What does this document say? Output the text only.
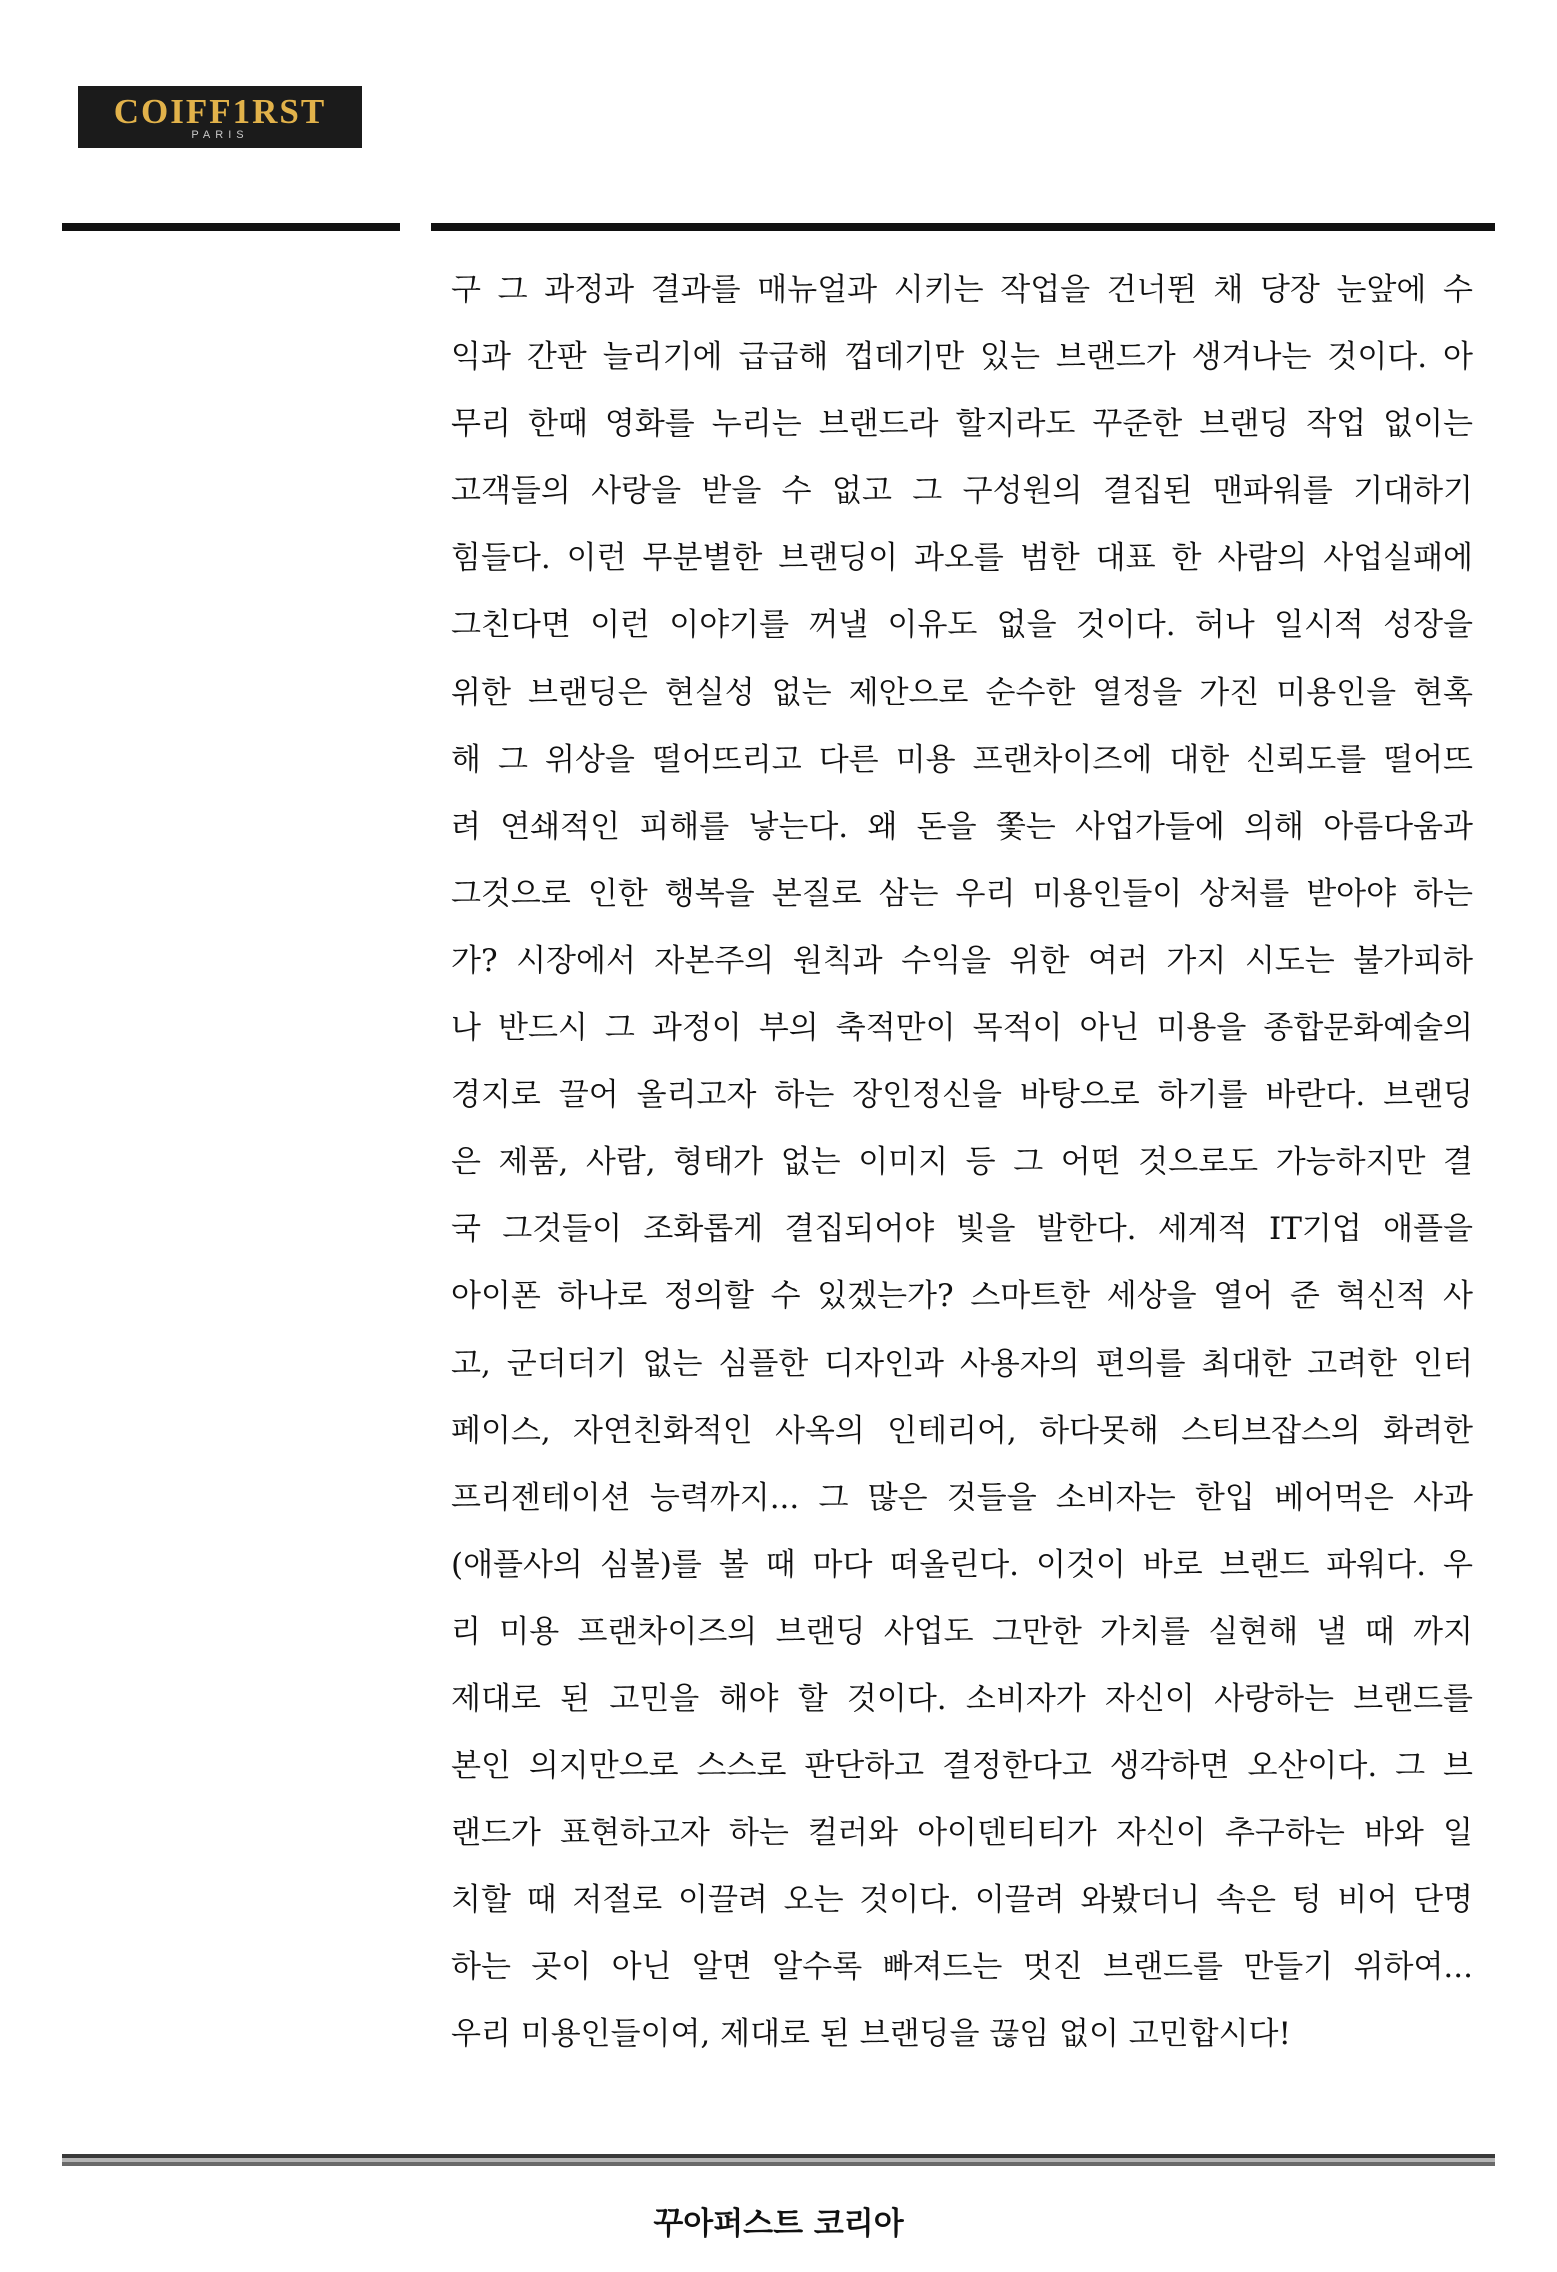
COIFF1RST
PARIS
구 그 과정과 결과를 매뉴얼과 시키는 작업을 건너뛴 채 당장 눈앞에 수
익과 간판 늘리기에 급급해 껍데기만 있는 브랜드가 생겨나는 것이다. 아
무리 한때 영화를 누리는 브랜드라 할지라도 꾸준한 브랜딩 작업 없이는
고객들의 사랑을 받을 수 없고 그 구성원의 결집된 맨파워를 기대하기
힘들다. 이런 무분별한 브랜딩이 과오를 범한 대표 한 사람의 사업실패에
그친다면 이런 이야기를 꺼낼 이유도 없을 것이다. 허나 일시적 성장을
위한 브랜딩은 현실성 없는 제안으로 순수한 열정을 가진 미용인을 현혹
해 그 위상을 떨어뜨리고 다른 미용 프랜차이즈에 대한 신뢰도를 떨어뜨
려 연쇄적인 피해를 낳는다. 왜 돈을 쫓는 사업가들에 의해 아름다움과
그것으로 인한 행복을 본질로 삼는 우리 미용인들이 상처를 받아야 하는
가? 시장에서 자본주의 원칙과 수익을 위한 여러 가지 시도는 불가피하
나 반드시 그 과정이 부의 축적만이 목적이 아닌 미용을 종합문화예술의
경지로 끌어 올리고자 하는 장인정신을 바탕으로 하기를 바란다. 브랜딩
은 제품, 사람, 형태가 없는 이미지 등 그 어떤 것으로도 가능하지만 결
국 그것들이 조화롭게 결집되어야 빛을 발한다. 세계적 IT기업 애플을
아이폰 하나로 정의할 수 있겠는가? 스마트한 세상을 열어 준 혁신적 사
고, 군더더기 없는 심플한 디자인과 사용자의 편의를 최대한 고려한 인터
페이스, 자연친화적인 사옥의 인테리어, 하다못해 스티브잡스의 화려한
프리젠테이션 능력까지... 그 많은 것들을 소비자는 한입 베어먹은 사과
(애플사의 심볼)를 볼 때 마다 떠올린다. 이것이 바로 브랜드 파워다. 우
리 미용 프랜차이즈의 브랜딩 사업도 그만한 가치를 실현해 낼 때 까지
제대로 된 고민을 해야 할 것이다. 소비자가 자신이 사랑하는 브랜드를
본인 의지만으로 스스로 판단하고 결정한다고 생각하면 오산이다. 그 브
랜드가 표현하고자 하는 컬러와 아이덴티티가 자신이 추구하는 바와 일
치할 때 저절로 이끌려 오는 것이다. 이끌려 와봤더니 속은 텅 비어 단명
하는 곳이 아닌 알면 알수록 빠져드는 멋진 브랜드를 만들기 위하여...
우리 미용인들이여, 제대로 된 브랜딩을 끊임 없이 고민합시다!
꾸아퍼스트 코리아
